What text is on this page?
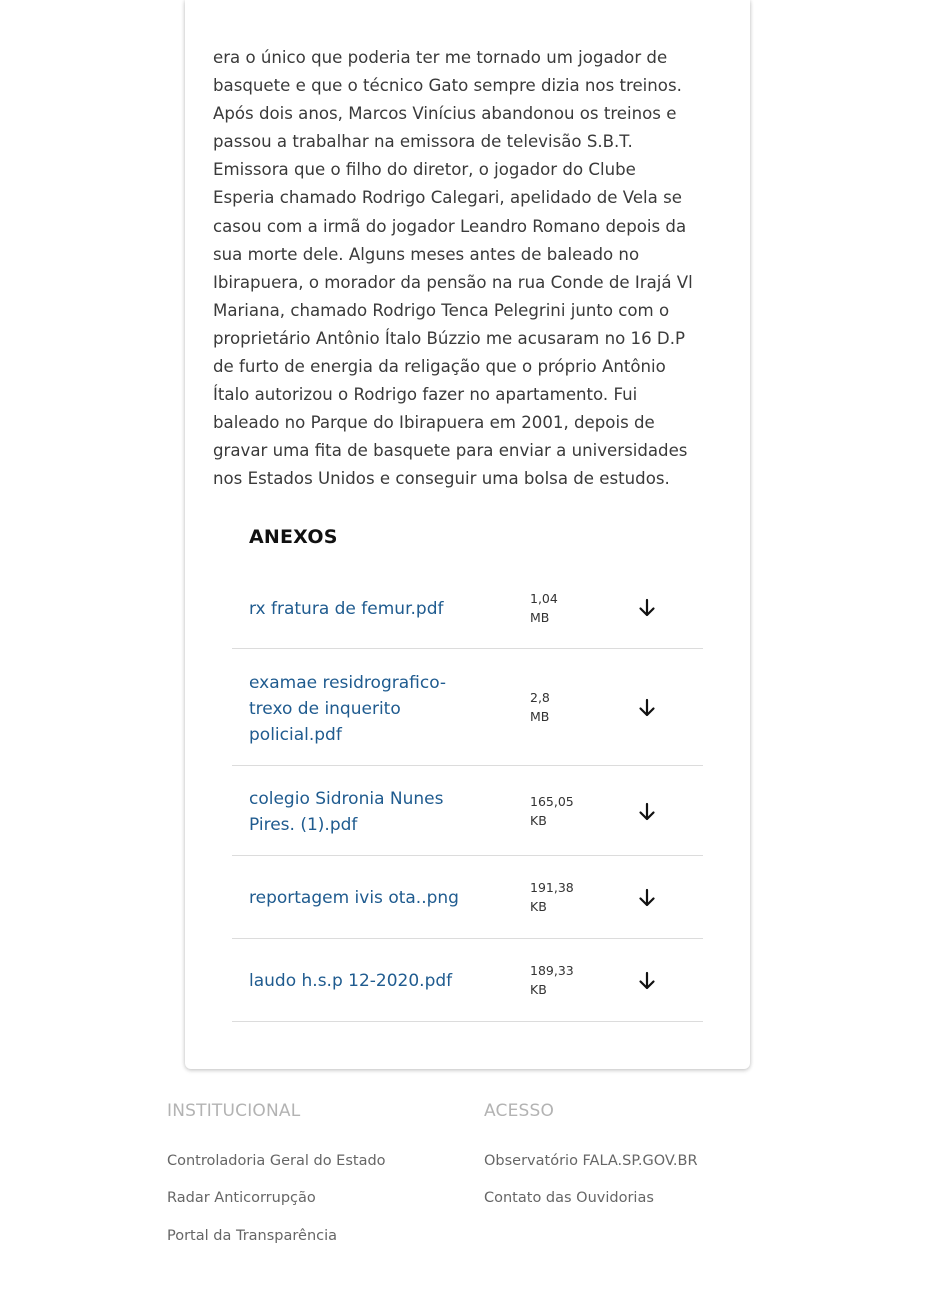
era o único que poderia ter me tornado um jogador de
basquete e que o técnico Gato sempre dizia nos treinos.
Após dois anos, Marcos Vinícius abandonou os treinos e
passou a trabalhar na emissora de televisão S.B.T.
Emissora que o filho do diretor, o jogador do Clube
Esperia chamado Rodrigo Calegari, apelidado de Vela se
casou com a irmã do jogador Leandro Romano depois da
sua morte dele. Alguns meses antes de baleado no
Ibirapuera, o morador da pensão na rua Conde de Irajá Vl
Mariana, chamado Rodrigo Tenca Pelegrini junto com o
proprietário Antônio Ítalo Búzzio me acusaram no 16 D.P
de furto de energia da religação que o próprio Antônio
Ítalo autorizou o Rodrigo fazer no apartamento. Fui
baleado no Parque do Ibirapuera em 2001, depois de
gravar uma fita de basquete para enviar a universidades
nos Estados Unidos e conseguir uma bolsa de estudos.
ANEXOS
rx fratura de femur.pdf
1,04
MB
examae residrografico-trexo de inquerito policial.pdf
2,8
MB
colegio Sidronia Nunes Pires. (1).pdf
165,05
KB
reportagem ivis ota..png
191,38
KB
laudo h.s.p 12-2020.pdf
189,33
KB
INSTITUCIONAL
Controladoria Geral do Estado
Radar Anticorrupção
Portal da Transparência
ACESSO
Observatório FALA.SP.GOV.BR
Contato das Ouvidorias
